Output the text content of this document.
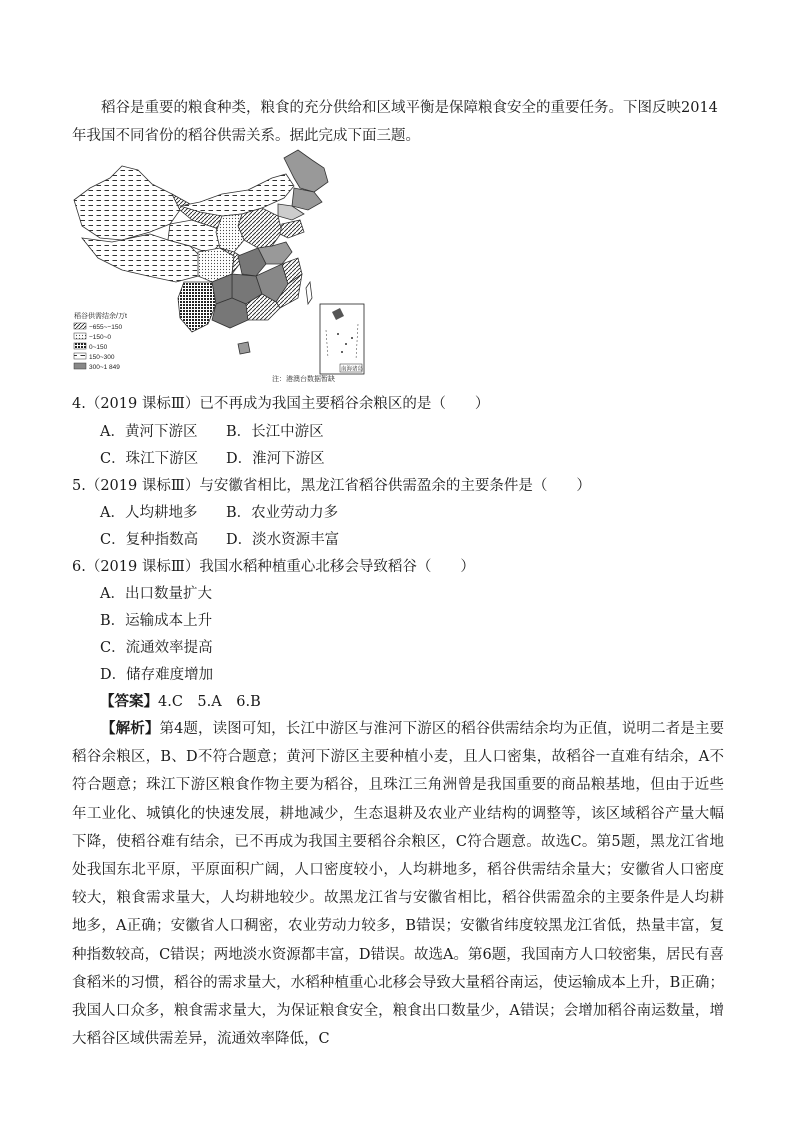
稻谷是重要的粮食种类，粮食的充分供给和区域平衡是保障粮食安全的重要任务。下图反映2014年我国不同省份的稻谷供需关系。据此完成下面三题。

稻谷供需结余/万t
−655~−150
−150~0
0~150
150~300
300~1 849	南海诸岛
注：港澳台数据暂缺
4.（2019 课标Ⅲ）已不再成为我国主要稻谷余粮区的是（　　）
A．黄河下游区 B．长江中游区
C．珠江下游区 D．淮河下游区
5.（2019 课标Ⅲ）与安徽省相比，黑龙江省稻谷供需盈余的主要条件是（　　）
A．人均耕地多 B．农业劳动力多
C．复种指数高 D．淡水资源丰富
6.（2019 课标Ⅲ）我国水稻种植重心北移会导致稻谷（　　）
A．出口数量扩大
B．运输成本上升
C．流通效率提高
D．储存难度增加
【答案】4.C　5.A　6.B

【解析】第4题，读图可知，长江中游区与淮河下游区的稻谷供需结余均为正值，说明二者是主要稻谷余粮区，B、D不符合题意；黄河下游区主要种植小麦，且人口密集，故稻谷一直难有结余，A不符合题意；珠江下游区粮食作物主要为稻谷，且珠江三角洲曾是我国重要的商品粮基地，但由于近些年工业化、城镇化的快速发展，耕地减少，生态退耕及农业产业结构的调整等，该区域稻谷产量大幅下降，使稻谷难有结余，已不再成为我国主要稻谷余粮区，C符合题意。故选C。第5题，黑龙江省地处我国东北平原，平原面积广阔，人口密度较小，人均耕地多，稻谷供需结余量大；安徽省人口密度较大，粮食需求量大，人均耕地较少。故黑龙江省与安徽省相比，稻谷供需盈余的主要条件是人均耕地多，A正确；安徽省人口稠密，农业劳动力较多，B错误；安徽省纬度较黑龙江省低，热量丰富，复种指数较高，C错误；两地淡水资源都丰富，D错误。故选A。第6题，我国南方人口较密集，居民有喜食稻米的习惯，稻谷的需求量大，水稻种植重心北移会导致大量稻谷南运，使运输成本上升，B正确；我国人口众多，粮食需求量大，为保证粮食安全，粮食出口数量少，A错误；会增加稻谷南运数量，增大稻谷区域供需差异，流通效率降低，C
